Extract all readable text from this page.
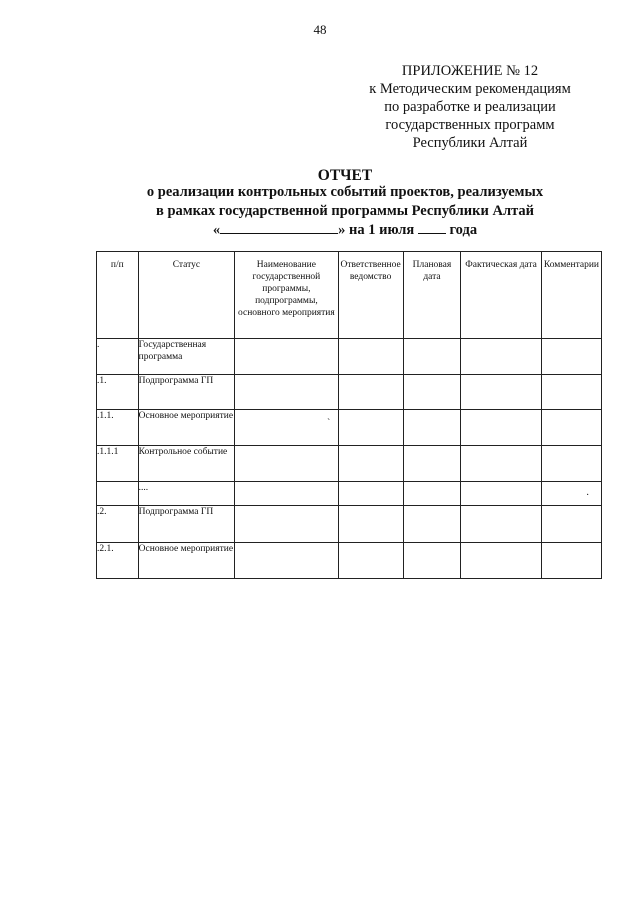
48
ПРИЛОЖЕНИЕ № 12
к Методическим рекомендациям
по разработке и реализации
государственных программ
Республики Алтай
ОТЧЕТ
о реализации контрольных событий проектов, реализуемых
в рамках государственной программы Республики Алтай
«	» на 1 июля года
п/п	Статус	Наименование государственной программы, подпрограммы, основного мероприятия	Ответственное ведомство	Плановая дата	Фактическая дата	Комментарии
.	Государственная программа					
.1.	Подпрограмма ГП					
.1.1.	Основное мероприятие					
.1.1.1	Контрольное событие					
	....					
.2.	Подпрограмма ГП					
.2.1.	Основное мероприятие					
ˋ
·
